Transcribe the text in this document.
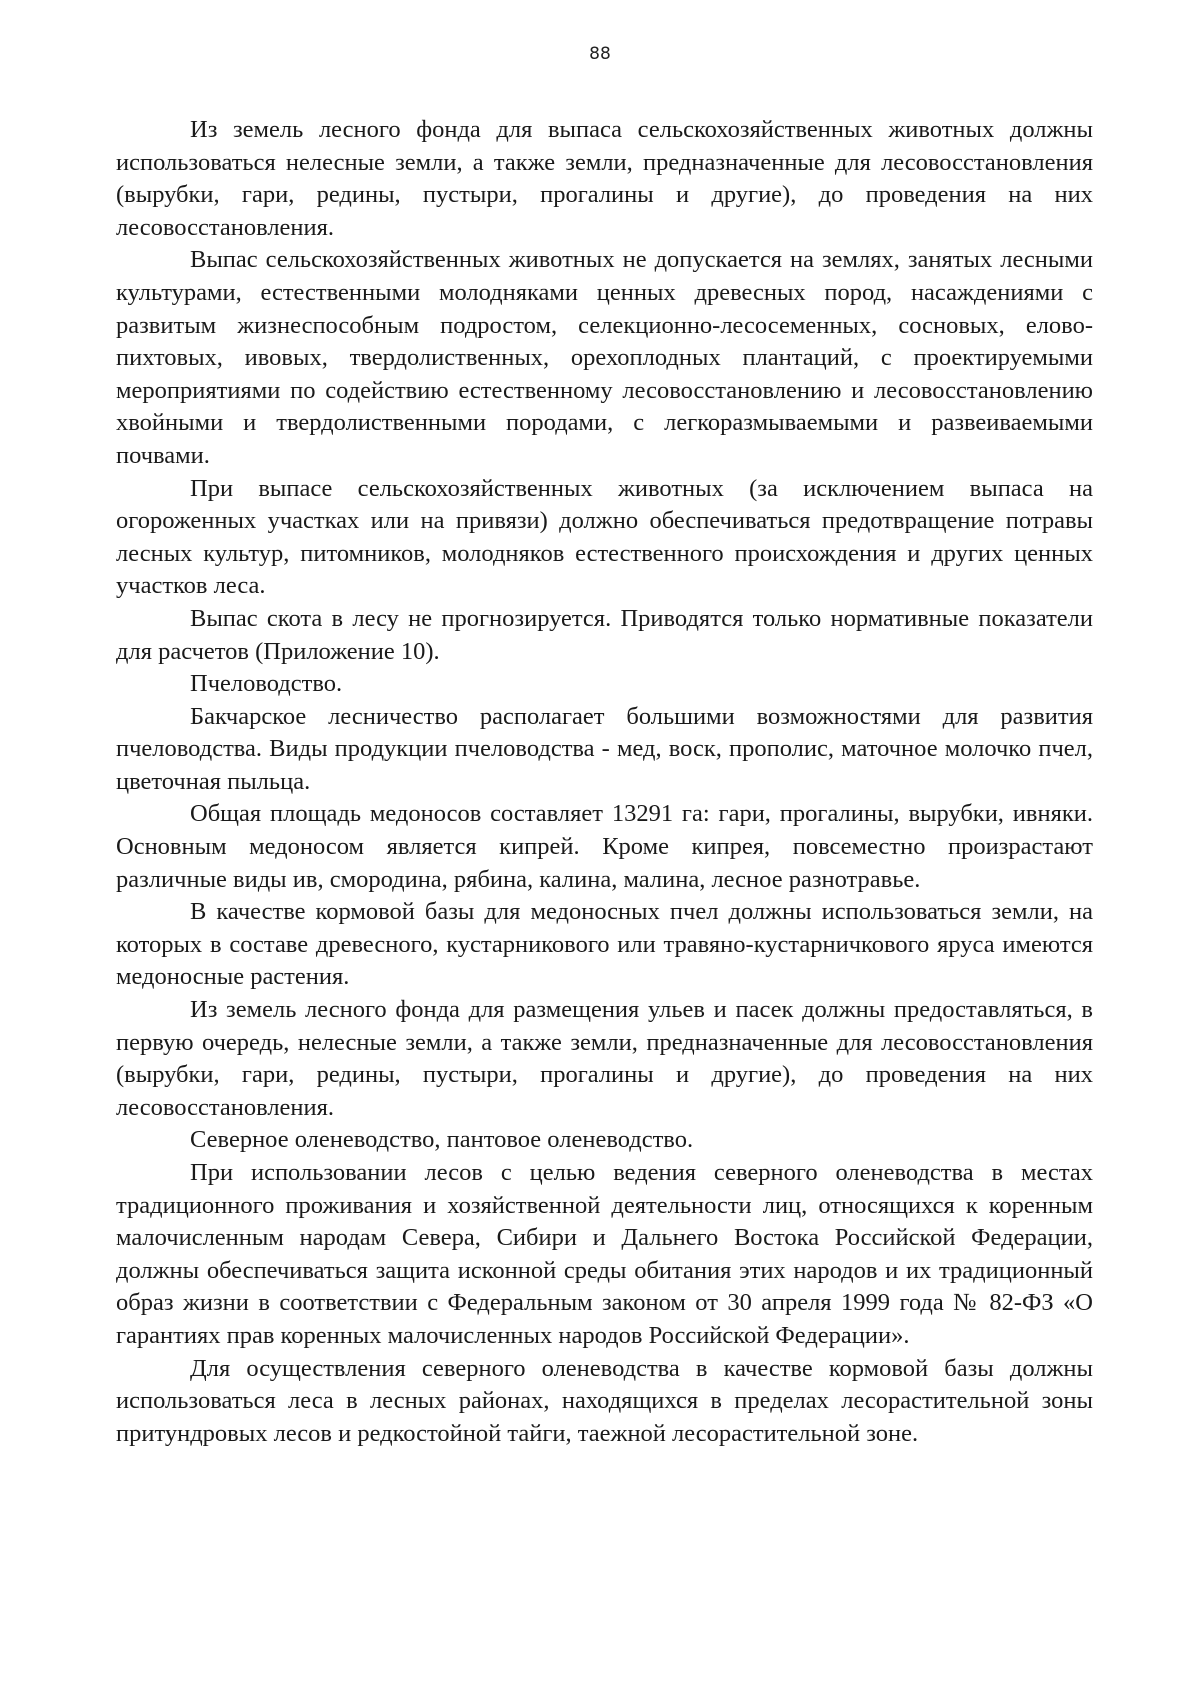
88

Из земель лесного фонда для выпаса сельскохозяйственных животных должны использоваться нелесные земли, а также земли, предназначенные для лесовосстановления (вырубки, гари, редины, пустыри, прогалины и другие), до проведения на них лесовосстановления.

Выпас сельскохозяйственных животных не допускается на землях, занятых лесными культурами, естественными молодняками ценных древесных пород, насаждениями с развитым жизнеспособным подростом, селекционно-лесосеменных, сосновых, елово-пихтовых, ивовых, твердолиственных, орехоплодных плантаций, с проектируемыми мероприятиями по содействию естественному лесовосстановлению и лесовосстановлению хвойными и твердолиственными породами, с легкоразмываемыми и развеиваемыми почвами.

При выпасе сельскохозяйственных животных (за исключением выпаса на огороженных участках или на привязи) должно обеспечиваться предотвращение потравы лесных культур, питомников, молодняков естественного происхождения и других ценных участков леса.

Выпас скота в лесу не прогнозируется. Приводятся только нормативные показатели для расчетов (Приложение 10).

Пчеловодство.

Бакчарское лесничество располагает большими возможностями для развития пчеловодства. Виды продукции пчеловодства - мед, воск, прополис, маточное молочко пчел, цветочная пыльца.

Общая площадь медоносов составляет 13291 га: гари, прогалины, вырубки, ивняки. Основным медоносом является кипрей. Кроме кипрея, повсеместно произрастают различные виды ив, смородина, рябина, калина, малина, лесное разнотравье.

В качестве кормовой базы для медоносных пчел должны использоваться земли, на которых в составе древесного, кустарникового или травяно-кустарничкового яруса имеются медоносные растения.

Из земель лесного фонда для размещения ульев и пасек должны предоставляться, в первую очередь, нелесные земли, а также земли, предназначенные для лесовосстановления (вырубки, гари, редины, пустыри, прогалины и другие), до проведения на них лесовосстановления.

Северное оленеводство, пантовое оленеводство.

При использовании лесов с целью ведения северного оленеводства в местах традиционного проживания и хозяйственной деятельности лиц, относящихся к коренным малочисленным народам Севера, Сибири и Дальнего Востока Российской Федерации, должны обеспечиваться защита исконной среды обитания этих народов и их традиционный образ жизни в соответствии с Федеральным законом от 30 апреля 1999 года № 82-ФЗ «О гарантиях прав коренных малочисленных народов Российской Федерации».

Для осуществления северного оленеводства в качестве кормовой базы должны использоваться леса в лесных районах, находящихся в пределах лесорастительной зоны притундровых лесов и редкостойной тайги, таежной лесорастительной зоне.
